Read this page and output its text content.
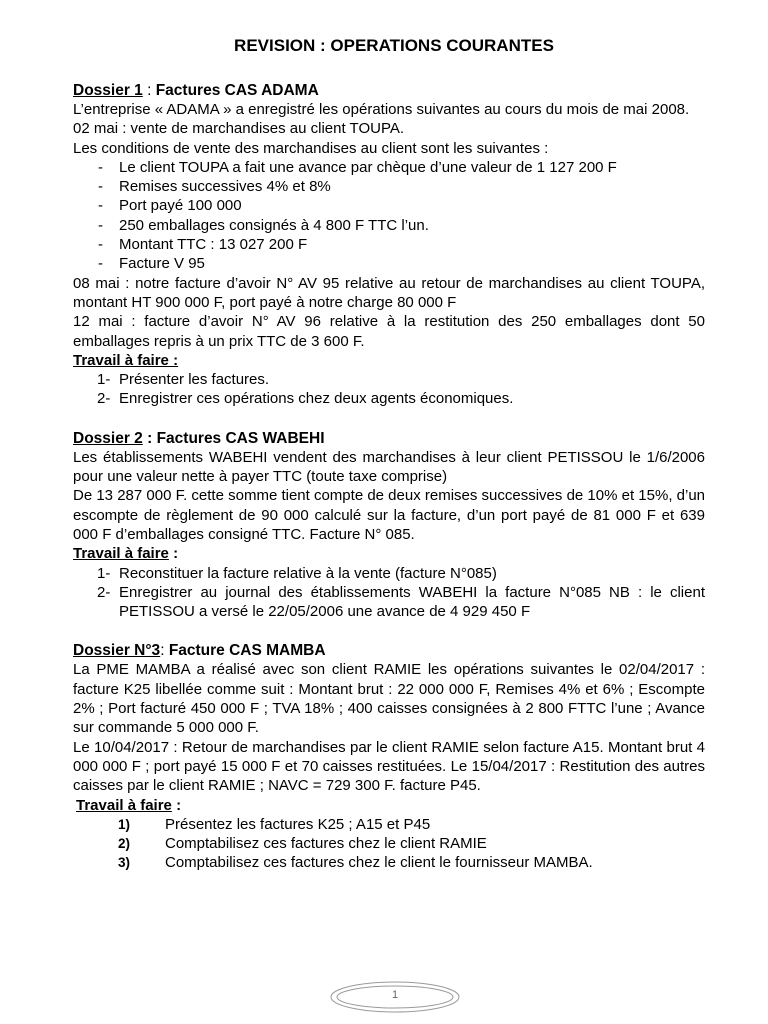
REVISION : OPERATIONS COURANTES

Dossier 1 : Factures CAS ADAMA

L’entreprise « ADAMA » a enregistré les opérations suivantes au cours du mois de mai 2008.

02 mai : vente de marchandises au client TOUPA.

Les conditions de vente des marchandises au client sont les suivantes :

- Le client TOUPA a fait une avance par chèque d’une valeur de 1 127 200 F
- Remises successives 4% et 8%
- Port payé 100 000
- 250 emballages consignés à 4 800 F TTC l’un.
- Montant TTC : 13 027 200 F
- Facture V 95

08 mai : notre facture d’avoir N° AV 95 relative au retour de marchandises au client TOUPA, montant HT 900 000 F, port payé à notre charge 80 000 F

12 mai : facture d’avoir N° AV 96 relative à la restitution des 250 emballages dont 50 emballages repris à un prix TTC de 3 600 F.

Travail à faire :

1- Présenter les factures.
2- Enregistrer ces opérations chez deux agents économiques.

Dossier 2 : Factures CAS WABEHI

Les établissements WABEHI vendent des marchandises à leur client PETISSOU le 1/6/2006 pour une valeur nette à payer TTC (toute taxe comprise)

De 13 287 000 F. cette somme tient compte de deux remises successives de 10% et 15%, d’un escompte de règlement de 90 000 calculé sur la facture, d’un port payé de 81 000 F et 639 000 F d’emballages consigné TTC. Facture N° 085.

Travail à faire :

1- Reconstituer la facture relative à la vente (facture N°085)
2- Enregistrer au journal des établissements WABEHI la facture N°085 NB : le client PETISSOU a versé le 22/05/2006 une avance de 4 929 450 F

Dossier N°3: Facture CAS MAMBA

La PME MAMBA a réalisé avec son client RAMIE les opérations suivantes le 02/04/2017 : facture K25 libellée comme suit : Montant brut : 22 000 000 F, Remises 4% et 6% ; Escompte 2% ; Port facturé 450 000 F ; TVA 18% ; 400 caisses consignées à 2 800 FTTC l’une ; Avance sur commande 5 000 000 F.

Le 10/04/2017 : Retour de marchandises par le client RAMIE selon facture A15. Montant brut 4 000 000 F ; port payé 15 000 F et 70 caisses restituées. Le 15/04/2017 : Restitution des autres caisses par le client RAMIE ; NAVC = 729 300 F. facture P45.

Travail à faire :

1) Présentez les factures K25 ; A15 et P45
2) Comptabilisez ces factures chez le client RAMIE
3) Comptabilisez ces factures chez le client le fournisseur MAMBA.
1
